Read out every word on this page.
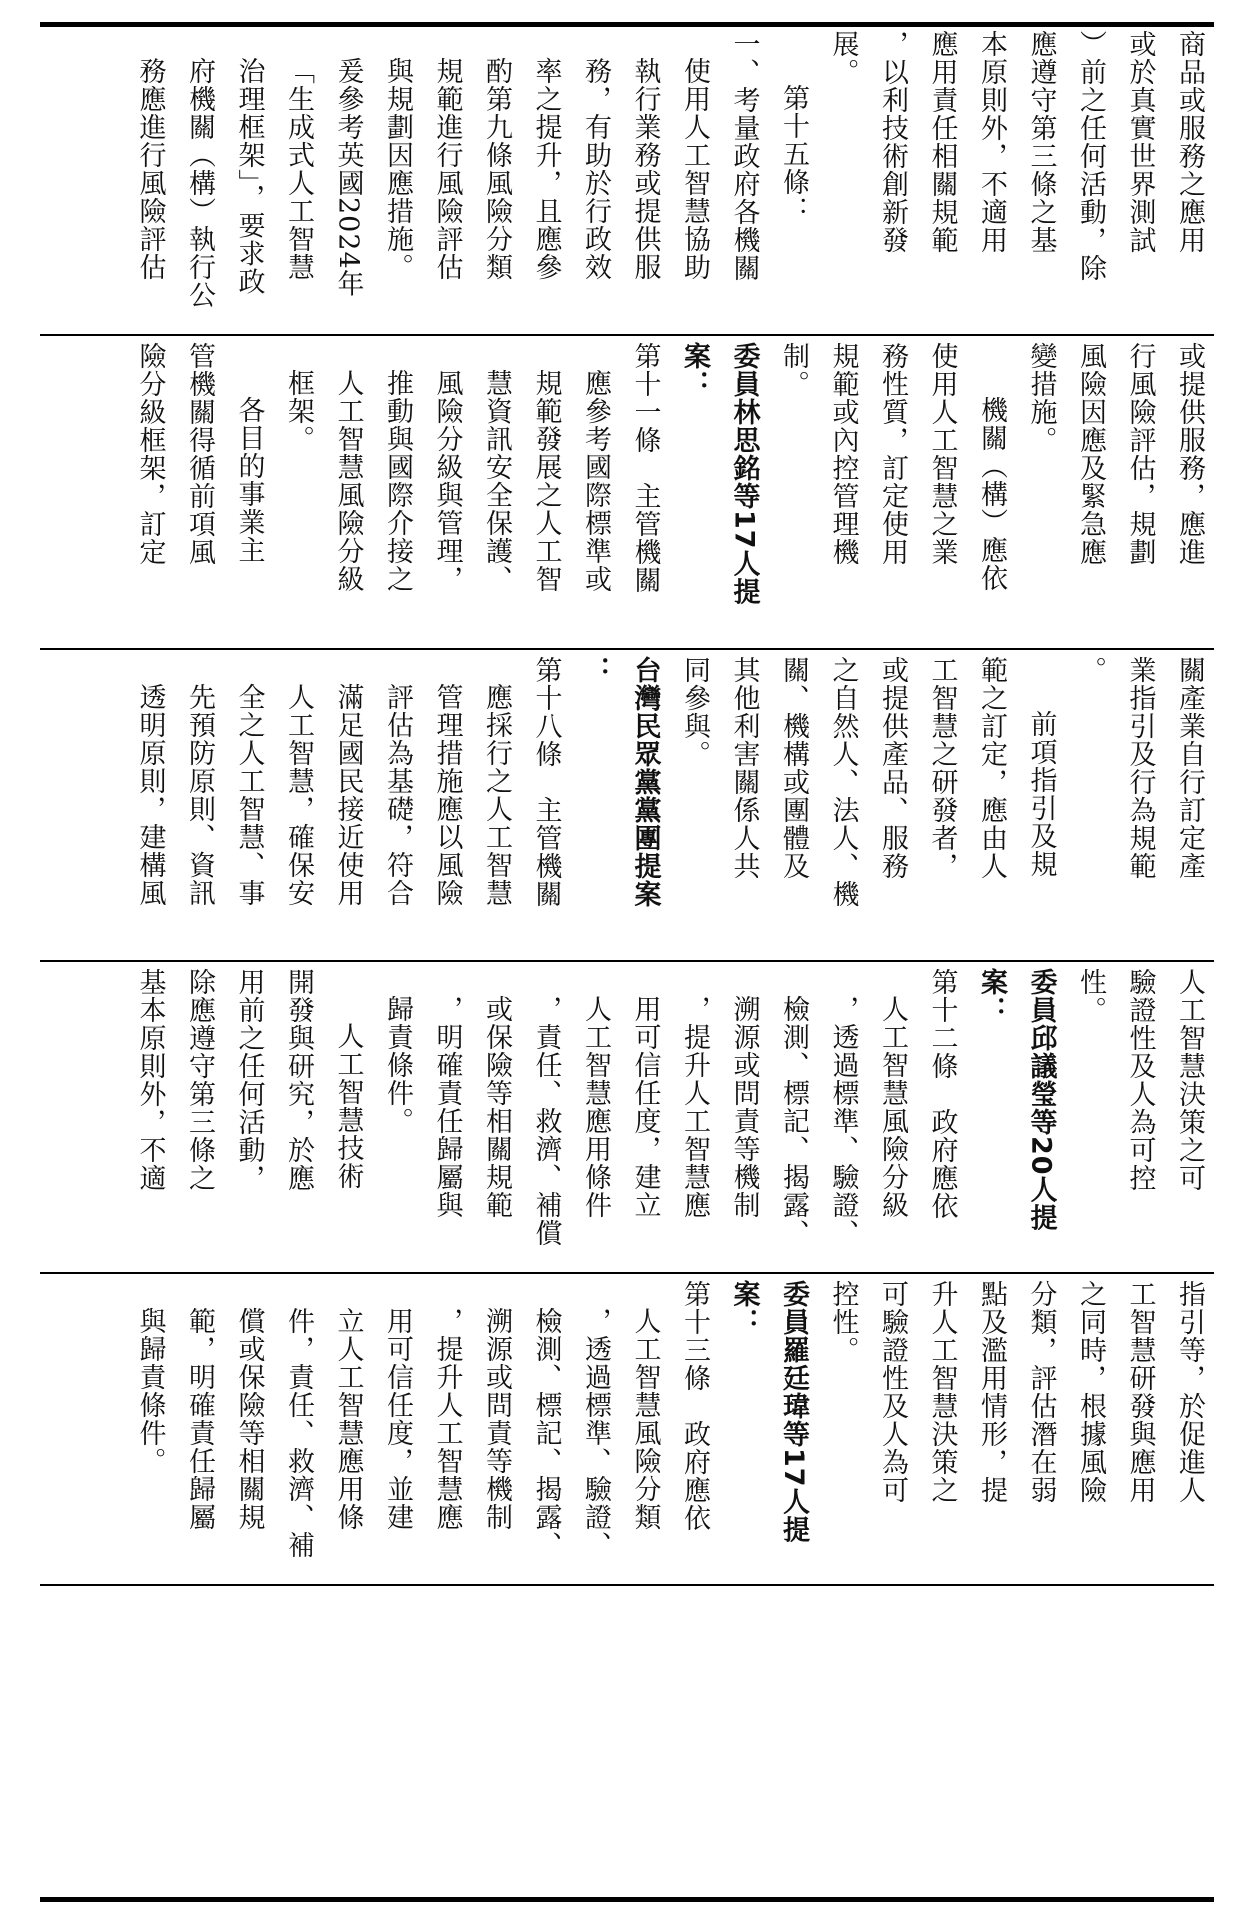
商品或服務之應用

或於真實世界測試

）前之任何活動，除

應遵守第三條之基

本原則外，不適用

應用責任相關規範

，以利技術創新發

展。

第十五條：

一、考量政府各機關

使用人工智慧協助

執行業務或提供服

務，有助於行政效

率之提升，且應參

酌第九條風險分類

規範進行風險評估

與規劃因應措施。

爰參考英國2024年

「生成式人工智慧

治理框架」，要求政

府機關（構）執行公

務應進行風險評估

或提供服務，應進

行風險評估，規劃

風險因應及緊急應

變措施。

機關（構）應依

使用人工智慧之業

務性質，訂定使用

規範或內控管理機

制。

委員林思銘等17人提

案：

第十一條　主管機關

應參考國際標準或

規範發展之人工智

慧資訊安全保護、

風險分級與管理，

推動與國際介接之

人工智慧風險分級

框架。

各目的事業主

管機關得循前項風

險分級框架，訂定

關產業自行訂定產

業指引及行為規範

。

前項指引及規

範之訂定，應由人

工智慧之研發者，

或提供產品、服務

之自然人、法人、機

關、機構或團體及

其他利害關係人共

同參與。

台灣民眾黨黨團提案

：

第十八條　主管機關

應採行之人工智慧

管理措施應以風險

評估為基礎，符合

滿足國民接近使用

人工智慧，確保安

全之人工智慧、事

先預防原則、資訊

透明原則，建構風

人工智慧決策之可

驗證性及人為可控

性。

委員邱議瑩等20人提

案：

第十二條　政府應依

人工智慧風險分級

，透過標準、驗證、

檢測、標記、揭露、

溯源或問責等機制

，提升人工智慧應

用可信任度，建立

人工智慧應用條件

，責任、救濟、補償

或保險等相關規範

，明確責任歸屬與

歸責條件。

人工智慧技術

開發與研究，於應

用前之任何活動，

除應遵守第三條之

基本原則外，不適

指引等，於促進人

工智慧研發與應用

之同時，根據風險

分類，評估潛在弱

點及濫用情形，提

升人工智慧決策之

可驗證性及人為可

控性。

委員羅廷瑋等17人提

案：

第十三條　政府應依

人工智慧風險分類

，透過標準、驗證、

檢測、標記、揭露、

溯源或問責等機制

，提升人工智慧應

用可信任度，並建

立人工智慧應用條

件，責任、救濟、補

償或保險等相關規

範，明確責任歸屬

與歸責條件。
